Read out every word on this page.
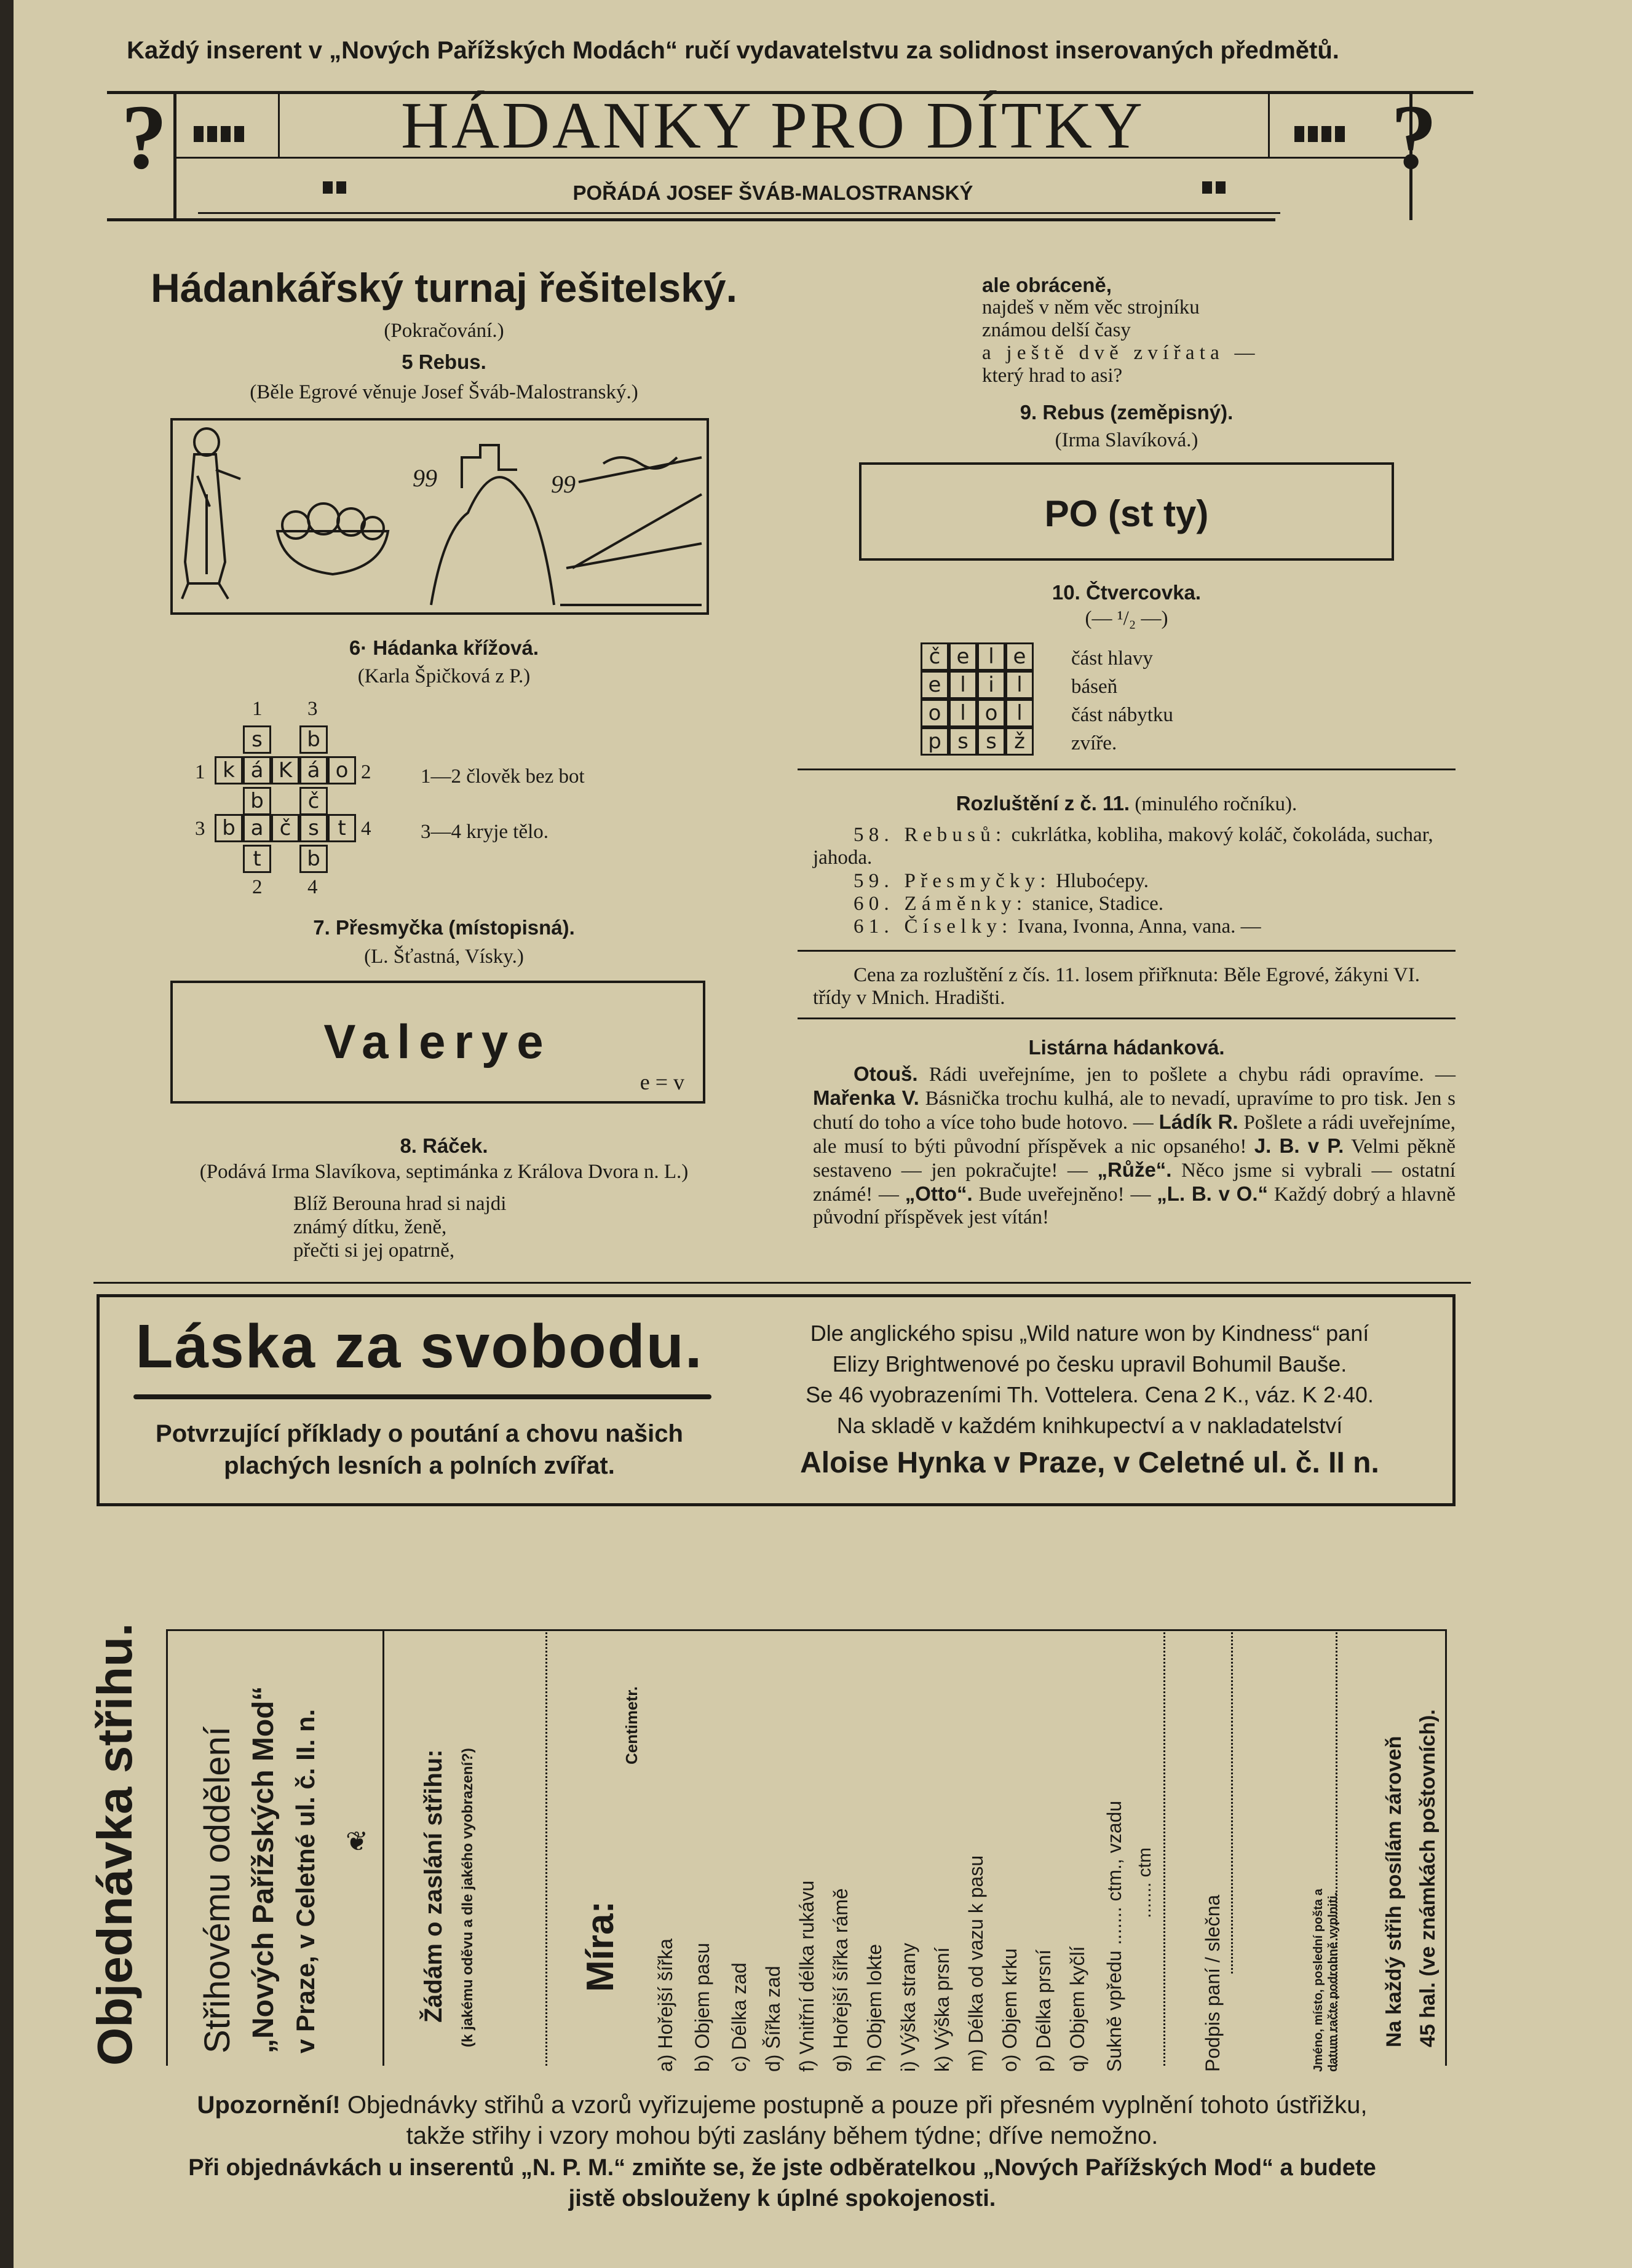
Každý inserent v „Nových Pařížských Modách“ ručí vydavatelstvu za solidnost inserovaných předmětů.
?	?
HÁDANKY PRO DÍTKY
POŘÁDÁ JOSEF ŠVÁB-MALOSTRANSKÝ
Hádankářský turnaj řešitelský.
(Pokračování.)
5 Rebus.
(Běle Egrové věnuje Josef Šváb-Malostranský.)
99	99
6· Hádanka křížová.
(Karla Špičková z P.)
1 3
s	b
1 k á K á o 2
b	č
3 b a č s t 4
t	b
2 4
1—2 člověk bez bot
3—4 kryje tělo.
7. Přesmyčka (místopisná).
(L. Šťastná, Vísky.)
Valerye
e = v
8. Ráček.
(Podává Irma Slavíkova, septimánka z Králova Dvora n. L.)
Blíž Berouna hrad si najdi
známý dítku, ženě,
přečti si jej opatrně,
ale obráceně,
najdeš v něm věc strojníku
známou delší časy
a ještě dvě zvířata —
který hrad to asi?
9. Rebus (zeměpisný).
(Irma Slavíková.)
PO (st ty)
10. Čtvercovka.
(— ¹/₂ —)
č e l e
e l	i	l
o l o l
p s s ž
část hlavy
báseň
část nábytku
zvíře.
Rozluštění z č. 11. (minulého ročníku).
58. Rebusů: cukrlátka, kobliha, makový koláč, čokoláda, suchar, jahoda.
59. Přesmyčky: Hluboćepy.
60. Záměnky: stanice, Stadice.
61. Číselky: Ivana, Ivonna, Anna, vana. —
Cena za rozluštění z čís. 11. losem přiřknuta: Běle Egrové, žákyni VI. třídy v Mnich. Hradišti.
Listárna hádanková.
Otouš. Rádi uveřejníme, jen to pošlete a chybu rádi opravíme. — Mařenka V. Básnička trochu kulhá, ale to nevadí, upravíme to pro tisk. Jen s chutí do toho a více toho bude hotovo. — Ládík R. Pošlete a rádi uveřejníme, ale musí to býti původní příspěvek a nic opsaného! J. B. v P. Velmi pěkně sestaveno — jen pokračujte! — „Růže“. Něco jsme si vybrali — ostatní známé! — „Otto“. Bude uveřejněno! — „L. B. v O.“ Každý dobrý a hlavně původní příspěvek jest vítán!
Láska za svobodu.
Potvrzující příklady o poutání a chovu našich
plachých lesních a polních zvířat.
Dle anglického spisu „Wild nature won by Kindness“ paní
Elizy Brightwenové po česku upravil Bohumil Bauše.
Se 46 vyobrazeními Th. Vottelera. Cena 2 K., váz. K 2·40.
Na skladě v každém knihkupectví a v nakladatelství
Aloise Hynka v Praze, v Celetné ul. č. II n.
Objednávka střihu. Střihovému oddělení „Nových Pařížských Mod“ v Praze, v Celetné ul. č. II. n. ❦ Žádám o zaslání střihu: (k jakému oděvu a dle jakého vyobrazení?)	Míra:
Centimetr.
a) Hořejší šířka b) Objem pasu c) Délka zad d) Šířka zad f) Vnitřní délka rukávu g) Hořejší šířka rámě h) Objem lokte i) Výška strany k) Výška prsní m) Délka od vazu k pasu o) Objem krku p) Délka prsní q) Objem kyčlí Sukně vpředu ....... ctm., vzadu ....... ctm
Podpis paní / slečna	Jméno, místo, poslední pošta a datum račte podrobně vyplniti. Na každý střih posílám zároveň 45 hal. (ve známkách poštovních).
Upozornění! Objednávky střihů a vzorů vyřizujeme postupně a pouze při přesném vyplnění tohoto ústřižku,
takže střihy i vzory mohou býti zaslány během týdne; dříve nemožno.
Při objednávkách u inserentů „N. P. M.“ zmiňte se, že jste odběratelkou „Nových Pařížských Mod“ a budete
jistě obslouženy k úplné spokojenosti.
